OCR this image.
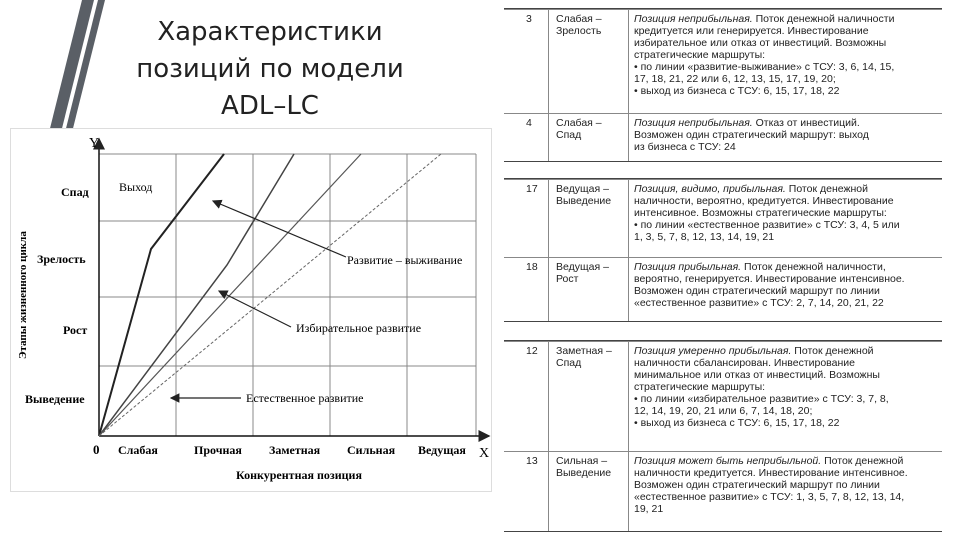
Характеристики
позиций по модели
ADL–LC
Y
X
0
Этапы жизненного цикла
Конкурентная позиция
Спад
Зрелость
Рост
Выведение
Слабая	Прочная Заметная Сильная Ведущая
Выход
Развитие – выживание
Избирательное развитие
Естественное развитие
3 Слабая –
Зрелость
Позиция неприбыльная. Поток денежной наличности
кредитуется или генерируется. Инвестирование
избирательное или отказ от инвестиций. Возможны
стратегические маршруты:
• по линии «развитие-выживание» с ТСУ: 3, 6, 14, 15,
17, 18, 21, 22 или 6, 12, 13, 15, 17, 19, 20;
• выход из бизнеса с ТСУ: 6, 15, 17, 18, 22
4 Слабая –
Спад
Позиция неприбыльная. Отказ от инвестиций.
Возможен один стратегический маршрут: выход
из бизнеса с ТСУ: 24
17 Ведущая –
Выведение
Позиция, видимо, прибыльная. Поток денежной
наличности, вероятно, кредитуется. Инвестирование
интенсивное. Возможны стратегические маршруты:
• по линии «естественное развитие» с ТСУ: 3, 4, 5 или
1, 3, 5, 7, 8, 12, 13, 14, 19, 21
18 Ведущая –
Рост
Позиция прибыльная. Поток денежной наличности,
вероятно, генерируется. Инвестирование интенсивное.
Возможен один стратегический маршрут по линии
«естественное развитие» с ТСУ: 2, 7, 14, 20, 21, 22
12 Заметная –
Спад
Позиция умеренно прибыльная. Поток денежной
наличности сбалансирован. Инвестирование
минимальное или отказ от инвестиций. Возможны
стратегические маршруты:
• по линии «избирательное развитие» с ТСУ: 3, 7, 8,
12, 14, 19, 20, 21 или 6, 7, 14, 18, 20;
• выход из бизнеса с ТСУ: 6, 15, 17, 18, 22
13 Сильная –
Выведение
Позиция может быть неприбыльной. Поток денежной
наличности кредитуется. Инвестирование интенсивное.
Возможен один стратегический маршрут по линии
«естественное развитие» с ТСУ: 1, 3, 5, 7, 8, 12, 13, 14,
19, 21
